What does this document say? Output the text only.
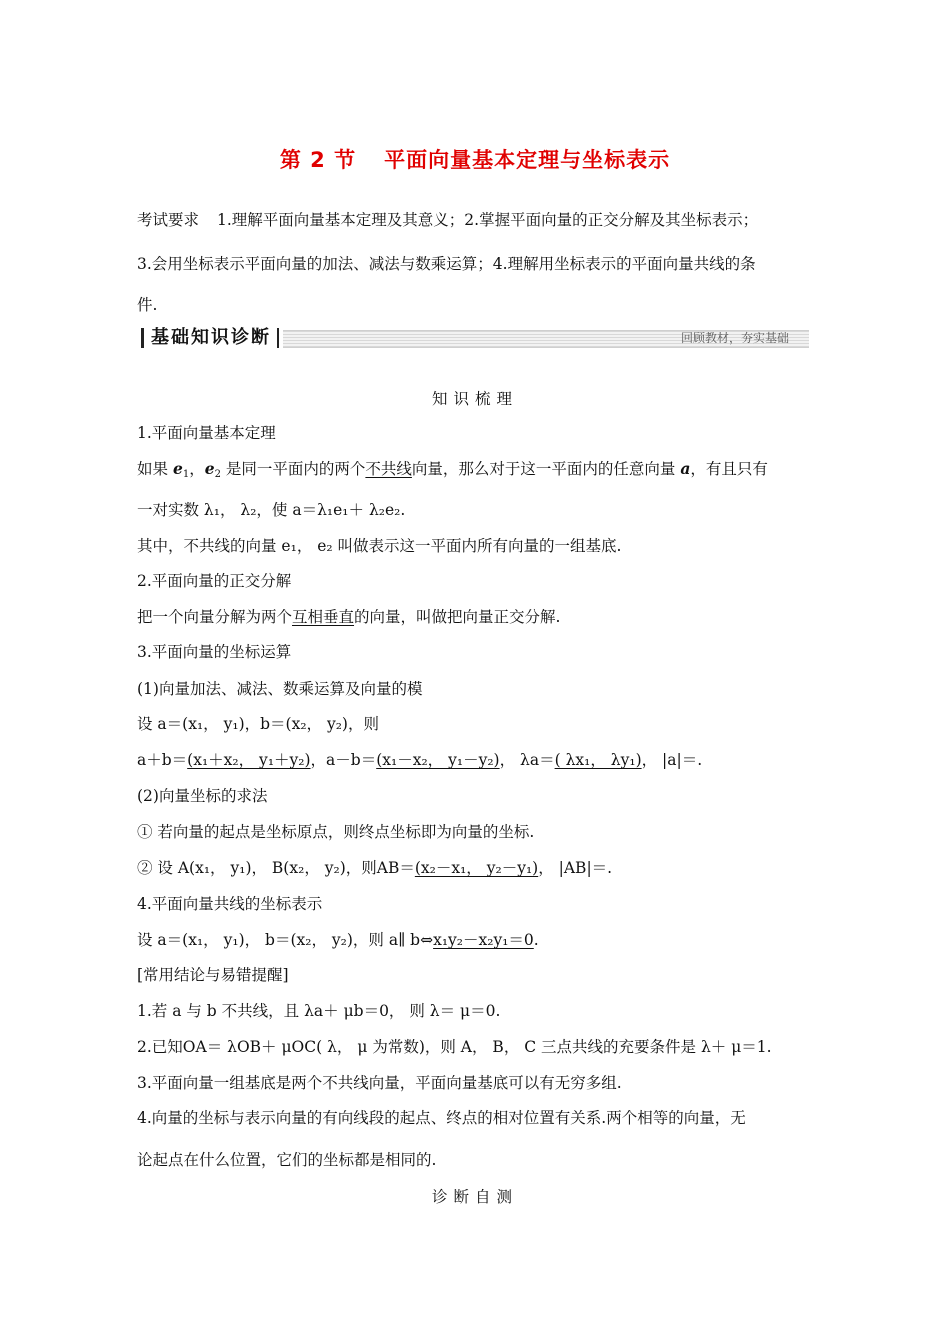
第 2 节 平面向量基本定理与坐标表示
考试要求 1.理解平面向量基本定理及其意义；2.掌握平面向量的正交分解及其坐标表示；
3.会用坐标表示平面向量的加法、减法与数乘运算；4.理解用坐标表示的平面向量共线的条
件.
基础知识诊断	回顾教材，夯实基础
知识梳理
1.平面向量基本定理
如果 $e_1$，$e_2$ 是同一平面内的两个不共线向量，那么对于这一平面内的任意向量 a，有且只有
一对实数 λ₁， λ₂，使 a＝λ₁e₁＋ λ₂e₂.
其中，不共线的向量 e₁， e₂ 叫做表示这一平面内所有向量的一组基底.
2.平面向量的正交分解
把一个向量分解为两个互相垂直的向量，叫做把向量正交分解.
3.平面向量的坐标运算
(1)向量加法、减法、数乘运算及向量的模
设 a＝(x₁， y₁)，b＝(x₂， y₂)，则
a＋b＝(x₁＋x₂， y₁＋y₂)，a－b＝(x₁－x₂， y₁－y₂)， λa＝( λx₁， λy₁)， |a|＝.
(2)向量坐标的求法
① 若向量的起点是坐标原点，则终点坐标即为向量的坐标.
② 设 A(x₁， y₁)， B(x₂， y₂)，则AB＝(x₂－x₁， y₂－y₁)， |AB|＝.
4.平面向量共线的坐标表示
设 a＝(x₁， y₁)， b＝(x₂， y₂)，则 a∥ b⇔x₁y₂－x₂y₁＝0.
[常用结论与易错提醒]
1.若 a 与 b 不共线，且 λa＋ μb＝0， 则 λ＝ μ＝0.
2.已知OA＝ λOB＋ μOC( λ， μ 为常数)，则 A， B， C 三点共线的充要条件是 λ＋ μ＝1.
3.平面向量一组基底是两个不共线向量，平面向量基底可以有无穷多组.
4.向量的坐标与表示向量的有向线段的起点、终点的相对位置有关系.两个相等的向量，无
论起点在什么位置，它们的坐标都是相同的.
诊断自测
